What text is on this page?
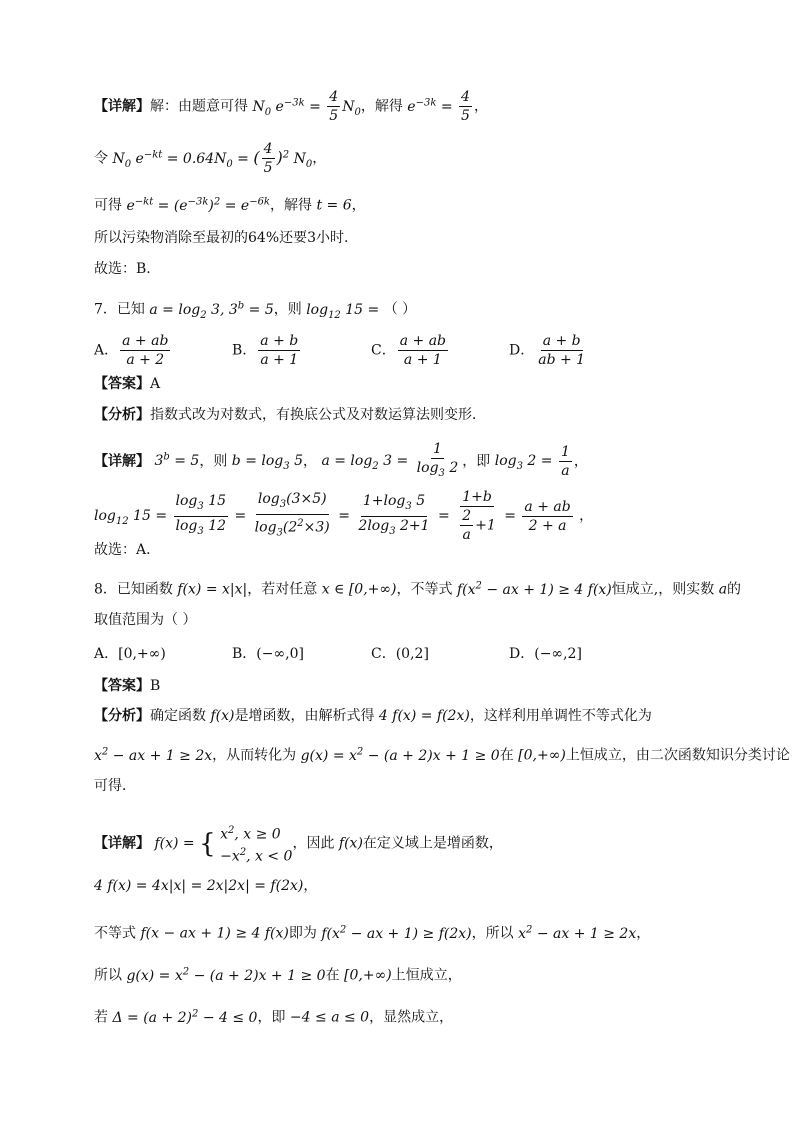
【详解】解：由题意可得 $N_0$ $e^{-3k} = \frac{4}{5} N_0$，解得 $e^{-3k} = \frac{4}{5}$ ，
令 $N_0$ $e^{-kt} = 0.64N_0$ = ( $\frac{4}{5} )^2$ $N_0$，
可得 $e^{-kt} = (e^{-3k})^2 = e^{-6k}$，解得 t = 6，
所以污染物消除至最初的64%还要3小时.
故选：B.
7．已知 $a = \log_2 3$, $3^b = 5$，则 $\log_{12} 15$ = （ ）
A． $\frac{a + ab}{a + 2}$	B． $\frac{a + b}{a + 1}$	C． $\frac{a + ab}{a + 1}$	D． $\frac{a + b}{ab + 1}$
【答案】A
【分析】指数式改为对数式，有换底公式及对数运算法则变形．
【详解】 $3^b = 5$，则 $b = \log_3 5$， $a = \log_2 3 = \frac{1}{\log_3 2}$ ，即 $\log_3 2 = \frac{1}{a}$ ，
$\log_{12} 15 = \frac{\log_3 15}{\log_3 12} = \frac{\log_3(3\times 5)}{\log_3(2^2\times 3)} = \frac{1+\log_3 5}{2\log_3 2+1} = \frac{1+b}{\frac{2}{a} +1} = \frac{a + ab}{2 + a}$ ，
故选：A．
8．已知函数 f(x) = x|x|，若对任意 x ∈ [0,+∞)，不等式 $f(x^2$ − ax + 1) ≥ 4 f(x)恒成立,，则实数 a的
取值范围为（ ）
A．[0,+∞)	B．(−∞,0]	C．(0,2]	D．(−∞,2]
【答案】B
【分析】确定函数 f(x)是增函数，由解析式得 4 f(x) = f(2x)，这样利用单调性不等式化为
$x^2$ − ax + 1 ≥ 2x，从而转化为 $g(x) = x^2 - (a + 2)x + 1 \ge 0$在 [0,+∞)上恒成立，由二次函数知识分类讨论
可得．
【详解】 f(x) = { $x^2$, x ≥ 0
$-x^2$, x < 0
，因此 f(x)在定义域上是增函数，
4 f(x) = 4x|x| = 2x|2x| = f(2x)，
不等式 f(x − ax + 1) ≥ 4 f(x)即为 $f(x^2$ − ax + 1) ≥ f(2x)，所以 $x^2$ − ax + 1 ≥ 2x，
所以 $g(x) = x^2 - (a + 2)x + 1 \ge 0$在 [0,+∞)上恒成立，
若 $\Delta = (a + 2)^2 - 4 \le 0$，即 −4 ≤ a ≤ 0，显然成立，
